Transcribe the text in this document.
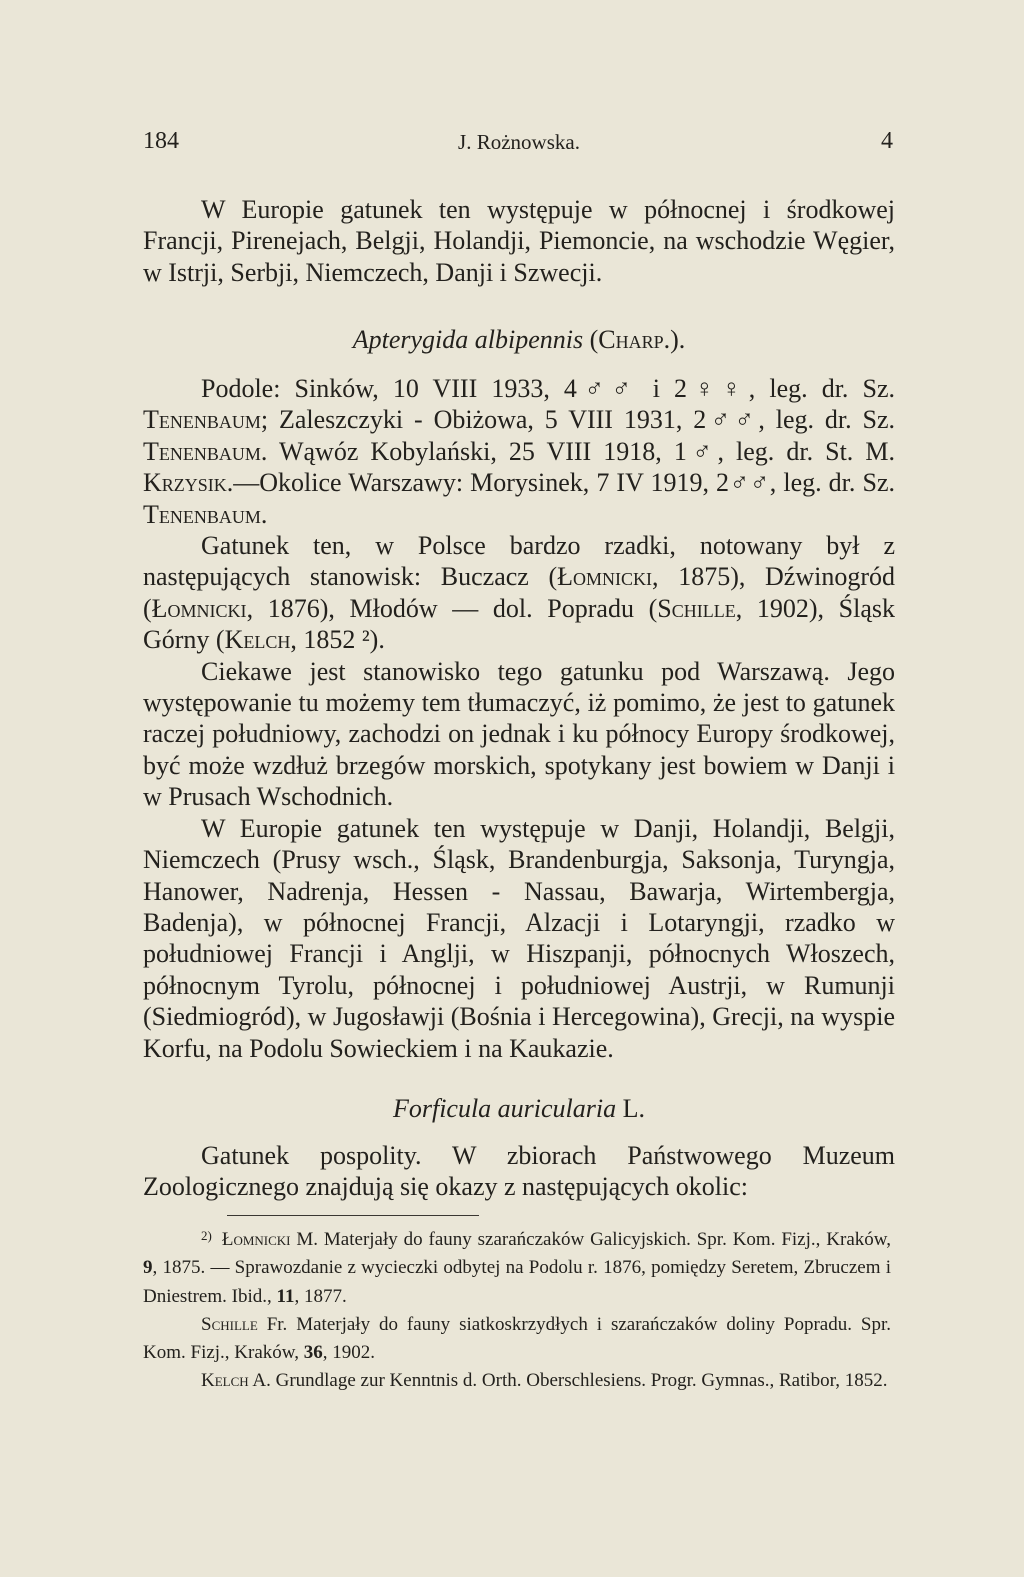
184	J. Rożnowska.	4

W Europie gatunek ten występuje w północnej i środkowej Francji, Pirenejach, Belgji, Holandji, Piemoncie, na wschodzie Węgier, w Istrji, Serbji, Niemczech, Danji i Szwecji.

Apterygida albipennis (Charp.).

Podole: Sinków, 10 VIII 1933, 4♂♂ i 2♀♀, leg. dr. Sz. Tenenbaum; Zaleszczyki - Obiżowa, 5 VIII 1931, 2♂♂, leg. dr. Sz. Tenenbaum. Wąwóz Kobylański, 25 VIII 1918, 1♂, leg. dr. St. M. Krzysik.—Okolice Warszawy: Morysinek, 7 IV 1919, 2♂♂, leg. dr. Sz. Tenenbaum.

Gatunek ten, w Polsce bardzo rzadki, notowany był z następujących stanowisk: Buczacz (Łomnicki, 1875), Dźwinogród (Łomnicki, 1876), Młodów — dol. Popradu (Schille, 1902), Śląsk Górny (Kelch, 1852 ²).

Ciekawe jest stanowisko tego gatunku pod Warszawą. Jego występowanie tu możemy tem tłumaczyć, iż pomimo, że jest to gatunek raczej południowy, zachodzi on jednak i ku północy Europy środkowej, być może wzdłuż brzegów morskich, spotykany jest bowiem w Danji i w Prusach Wschodnich.

W Europie gatunek ten występuje w Danji, Holandji, Belgji, Niemczech (Prusy wsch., Śląsk, Brandenburgja, Saksonja, Turyngja, Hanower, Nadrenja, Hessen - Nassau, Bawarja, Wirtembergja, Badenja), w północnej Francji, Alzacji i Lotaryngji, rzadko w południowej Francji i Anglji, w Hiszpanji, północnych Włoszech, północnym Tyrolu, północnej i południowej Austrji, w Rumunji (Siedmiogród), w Jugosławji (Bośnia i Hercegowina), Grecji, na wyspie Korfu, na Podolu Sowieckiem i na Kaukazie.

Forficula auricularia L.

Gatunek pospolity. W zbiorach Państwowego Muzeum Zoologicznego znajdują się okazy z następujących okolic:

$^{2)}$ Łomnicki M. Materjały do fauny szarańczaków Galicyjskich. Spr. Kom. Fizj., Kraków, 9, 1875. — Sprawozdanie z wycieczki odbytej na Podolu r. 1876, pomiędzy Seretem, Zbruczem i Dniestrem. Ibid., 11, 1877.

Schille Fr. Materjały do fauny siatkoskrzydłych i szarańczaków doliny Popradu. Spr. Kom. Fizj., Kraków, 36, 1902.

Kelch A. Grundlage zur Kenntnis d. Orth. Oberschlesiens. Progr. Gymnas., Ratibor, 1852.
